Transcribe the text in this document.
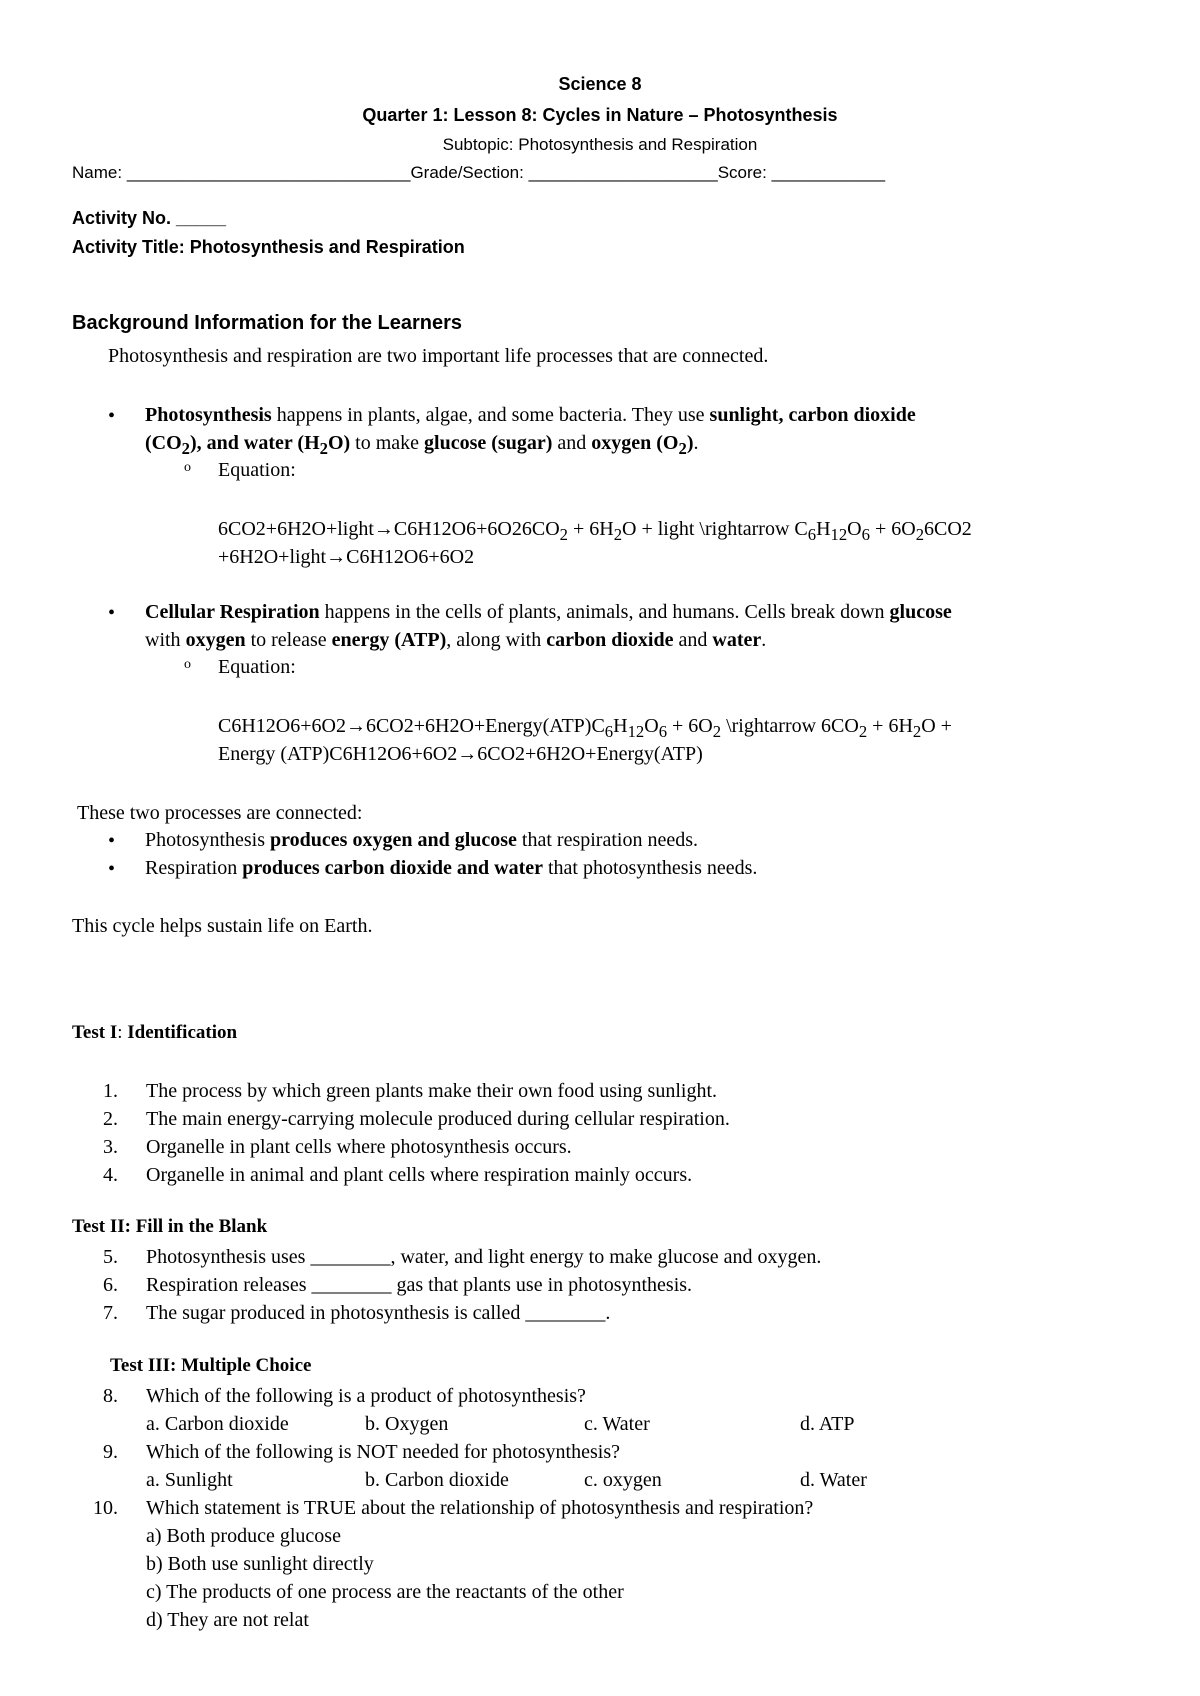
Science 8
Quarter 1: Lesson 8: Cycles in Nature – Photosynthesis
Subtopic: Photosynthesis and Respiration
Name: ______________________________Grade/Section: ____________________Score: ____________
Activity No. _____
Activity Title: Photosynthesis and Respiration
Background Information for the Learners
Photosynthesis and respiration are two important life processes that are connected.
• Photosynthesis happens in plants, algae, and some bacteria. They use sunlight, carbon dioxide
$(CO_2)$, and water $(H_2O)$ to make glucose (sugar) and oxygen $(O_2)$.
o Equation:
$6CO2+6H2O+light\to C6H12O6+6O26CO_2 + 6H_2O$ + light \rightarrow $C_6H_{12}O_6 + 6O_26CO2$
+6H2O+light→C6H12O6+6O2
• Cellular Respiration happens in the cells of plants, animals, and humans. Cells break down glucose
with oxygen to release energy (ATP), along with carbon dioxide and water.
o Equation:
$C6H12O6+6O2\to 6CO2+6H2O+Energy(ATP)C_6H_{12}O_6 + 6O_2$ \rightarrow $6CO_2 + 6H_2O$ +
Energy (ATP)C6H12O6+6O2→6CO2+6H2O+Energy(ATP)
These two processes are connected:
• Photosynthesis produces oxygen and glucose that respiration needs.
• Respiration produces carbon dioxide and water that photosynthesis needs.
This cycle helps sustain life on Earth.
Test I: Identification
1. The process by which green plants make their own food using sunlight.
2. The main energy-carrying molecule produced during cellular respiration.
3. Organelle in plant cells where photosynthesis occurs.
4. Organelle in animal and plant cells where respiration mainly occurs.
Test II: Fill in the Blank
5. Photosynthesis uses ________, water, and light energy to make glucose and oxygen.
6. Respiration releases ________ gas that plants use in photosynthesis.
7. The sugar produced in photosynthesis is called ________.
Test III: Multiple Choice
8. Which of the following is a product of photosynthesis?
a. Carbon dioxide	b. Oxygen	c. Water	d. ATP
9. Which of the following is NOT needed for photosynthesis?
a. Sunlight	b. Carbon dioxide	c. oxygen	d. Water
10. Which statement is TRUE about the relationship of photosynthesis and respiration?
a) Both produce glucose
b) Both use sunlight directly
c) The products of one process are the reactants of the other
d) They are not relat
